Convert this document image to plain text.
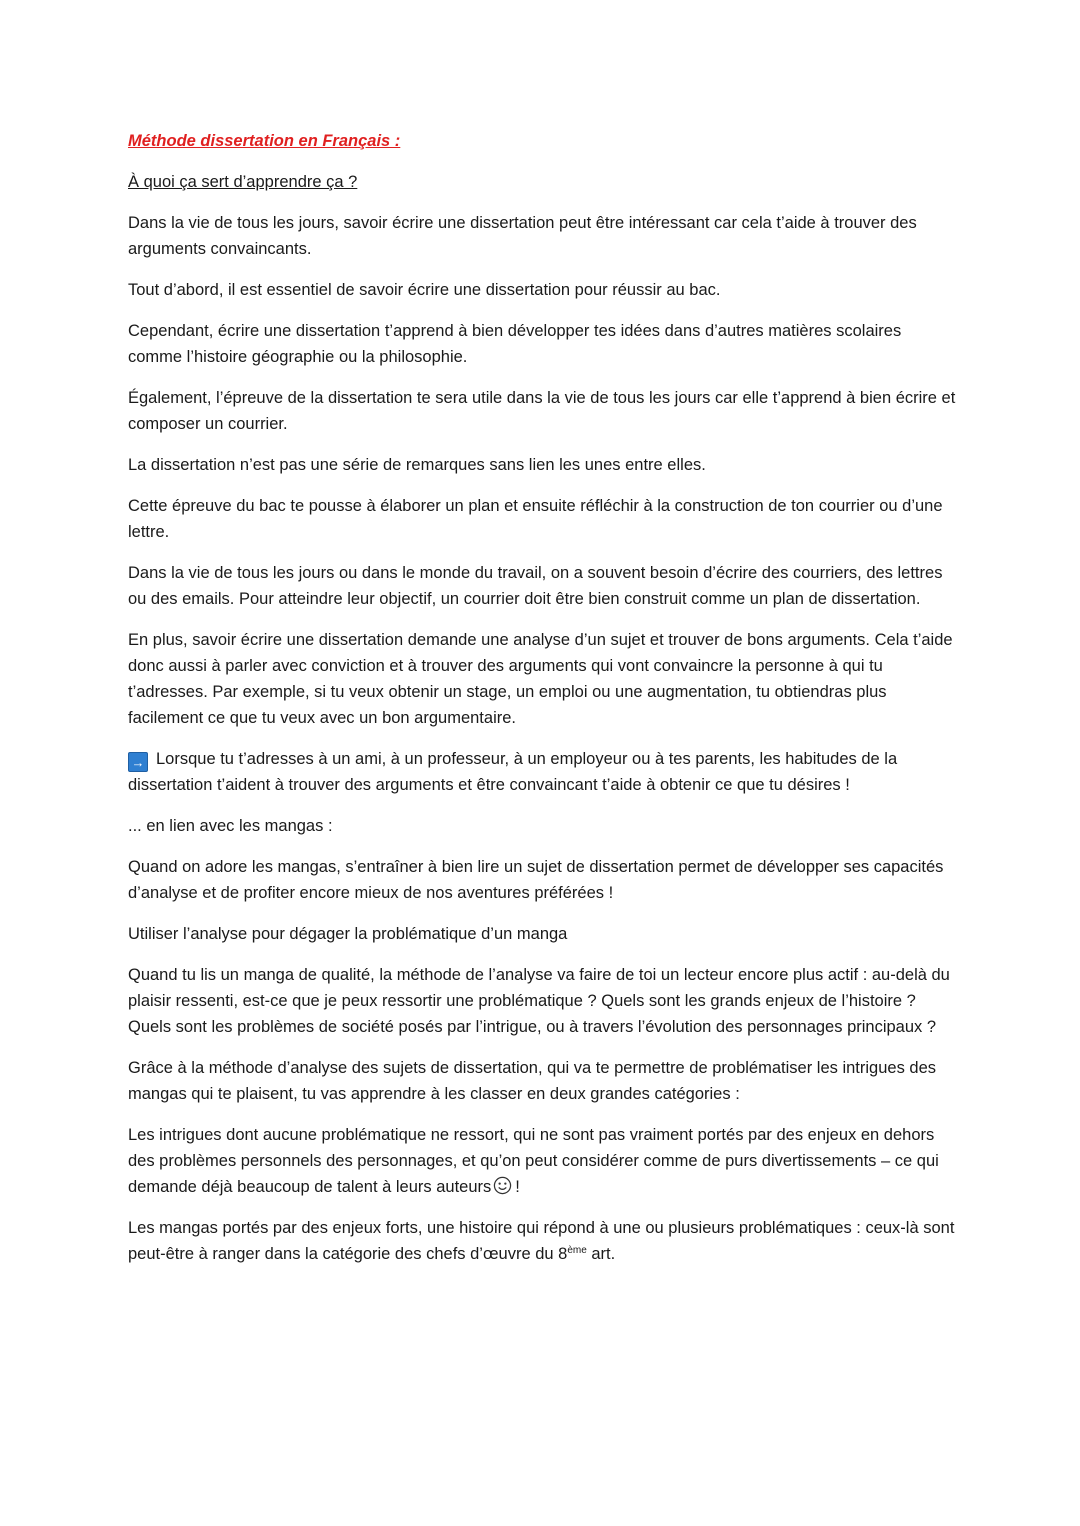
Méthode dissertation en Français :
À quoi ça sert d’apprendre ça ?

Dans la vie de tous les jours, savoir écrire une dissertation peut être intéressant car cela t’aide à trouver des arguments convaincants.

Tout d’abord, il est essentiel de savoir écrire une dissertation pour réussir au bac.

Cependant, écrire une dissertation t’apprend à bien développer tes idées dans d’autres matières scolaires comme l’histoire géographie ou la philosophie.

Également, l’épreuve de la dissertation te sera utile dans la vie de tous les jours car elle t’apprend à bien écrire et composer un courrier.

La dissertation n’est pas une série de remarques sans lien les unes entre elles.

Cette épreuve du bac te pousse à élaborer un plan et ensuite réfléchir à la construction de ton courrier ou d’une lettre.

Dans la vie de tous les jours ou dans le monde du travail, on a souvent besoin d’écrire des courriers, des lettres ou des emails. Pour atteindre leur objectif, un courrier doit être bien construit comme un plan de dissertation.

En plus, savoir écrire une dissertation demande une analyse d’un sujet et trouver de bons arguments. Cela t’aide donc aussi à parler avec conviction et à trouver des arguments qui vont convaincre la personne à qui tu t’adresses. Par exemple, si tu veux obtenir un stage, un emploi ou une augmentation, tu obtiendras plus facilement ce que tu veux avec un bon argumentaire.

→ Lorsque tu t’adresses à un ami, à un professeur, à un employeur ou à tes parents, les habitudes de la dissertation t’aident à trouver des arguments et être convaincant t’aide à obtenir ce que tu désires !

... en lien avec les mangas :

Quand on adore les mangas, s’entraîner à bien lire un sujet de dissertation permet de développer ses capacités d’analyse et de profiter encore mieux de nos aventures préférées !

Utiliser l’analyse pour dégager la problématique d’un manga

Quand tu lis un manga de qualité, la méthode de l’analyse va faire de toi un lecteur encore plus actif : au-delà du plaisir ressenti, est-ce que je peux ressortir une problématique ? Quels sont les grands enjeux de l’histoire ? Quels sont les problèmes de société posés par l’intrigue, ou à travers l’évolution des personnages principaux ?

Grâce à la méthode d’analyse des sujets de dissertation, qui va te permettre de problématiser les intrigues des mangas qui te plaisent, tu vas apprendre à les classer en deux grandes catégories :

Les intrigues dont aucune problématique ne ressort, qui ne sont pas vraiment portés par des enjeux en dehors des problèmes personnels des personnages, et qu’on peut considérer comme de purs divertissements – ce qui demande déjà beaucoup de talent à leurs auteurs !

Les mangas portés par des enjeux forts, une histoire qui répond à une ou plusieurs problématiques : ceux-là sont peut-être à ranger dans la catégorie des chefs d’œuvre du 8ème art.
